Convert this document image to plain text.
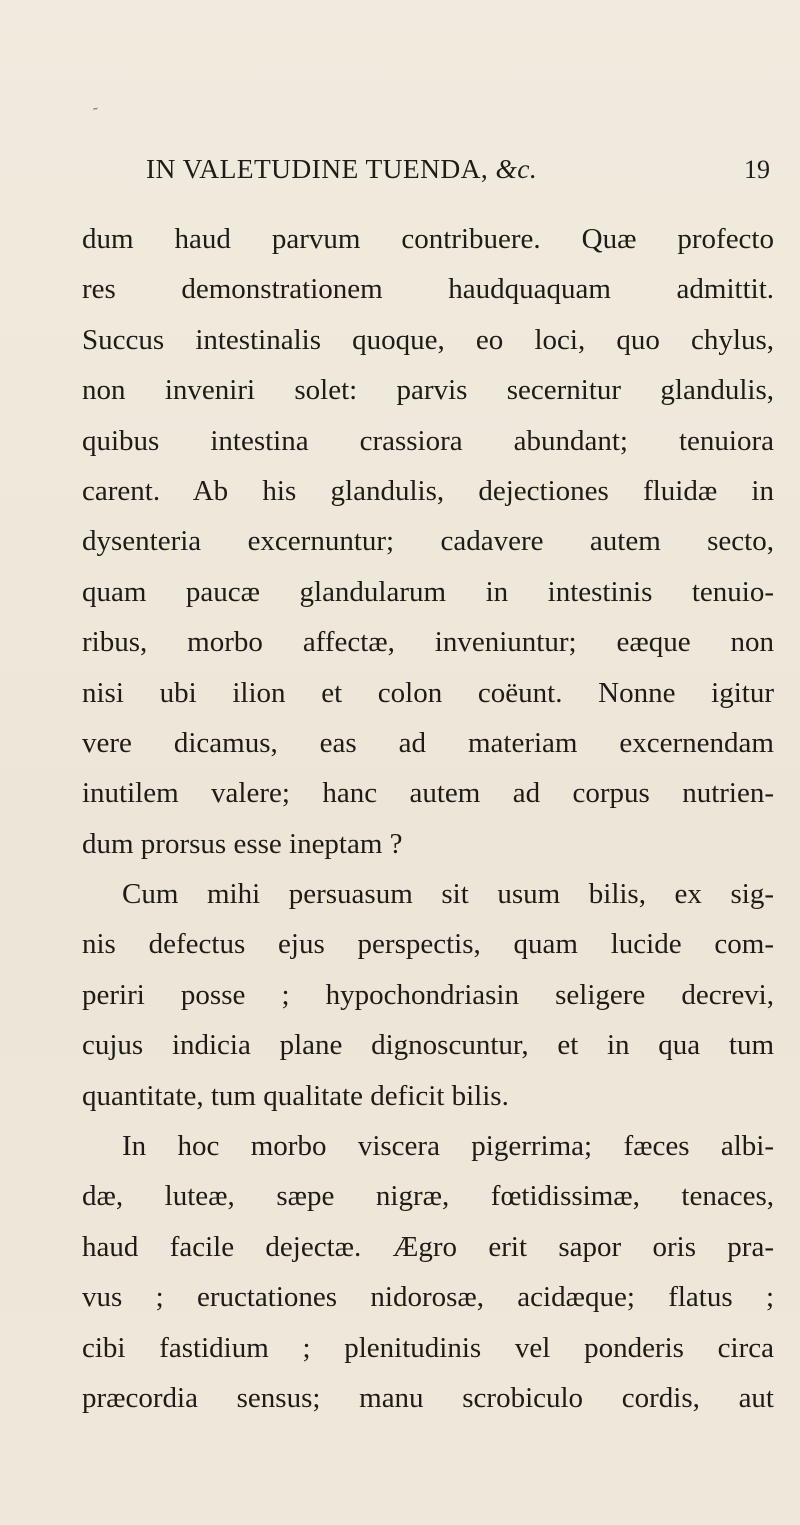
˜
IN VALETUDINE TUENDA, &c.	19
dum haud parvum contribuere. Quæ profecto
res demonstrationem haudquaquam admittit.
Succus intestinalis quoque, eo loci, quo chylus,
non inveniri solet: parvis secernitur glandulis,
quibus intestina crassiora abundant; tenuiora
carent. Ab his glandulis, dejectiones fluidæ in
dysenteria excernuntur; cadavere autem secto,
quam paucæ glandularum in intestinis tenuio-
ribus, morbo affectæ, inveniuntur; eæque non
nisi ubi ilion et colon coëunt. Nonne igitur
vere dicamus, eas ad materiam excernendam
inutilem valere; hanc autem ad corpus nutrien-
dum prorsus esse ineptam ?
Cum mihi persuasum sit usum bilis, ex sig-
nis defectus ejus perspectis, quam lucide com-
periri posse ; hypochondriasin seligere decrevi,
cujus indicia plane dignoscuntur, et in qua tum
quantitate, tum qualitate deficit bilis.
In hoc morbo viscera pigerrima; fæces albi-
dæ, luteæ, sæpe nigræ, fœtidissimæ, tenaces,
haud facile dejectæ. Ægro erit sapor oris pra-
vus ; eructationes nidorosæ, acidæque; flatus ;
cibi fastidium ; plenitudinis vel ponderis circa
præcordia sensus; manu scrobiculo cordis, aut
